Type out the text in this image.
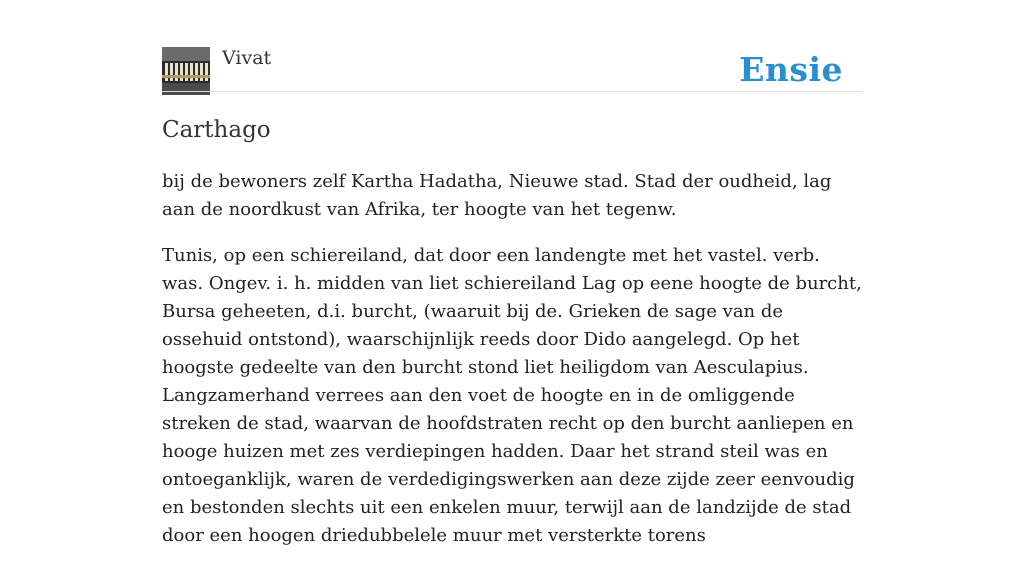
Vivat	Ensie
Carthago

bij de bewoners zelf Kartha Hadatha, Nieuwe stad. Stad der oudheid, lag aan de noordkust van Afrika, ter hoogte van het tegenw.

Tunis, op een schiereiland, dat door een landengte met het vastel. verb. was. Ongev. i. h. midden van liet schiereiland Lag op eene hoogte de burcht, Bursa geheeten, d.i. burcht, (waaruit bij de. Grieken de sage van de ossehuid ontstond), waarschijnlijk reeds door Dido aangelegd. Op het hoogste gedeelte van den burcht stond liet heiligdom van Aesculapius. Langzamerhand verrees aan den voet de hoogte en in de omliggende streken de stad, waarvan de hoofdstraten recht op den burcht aanliepen en hooge huizen met zes verdiepingen hadden. Daar het strand steil was en ontoeganklijk, waren de verdedigingswerken aan deze zijde zeer eenvoudig en bestonden slechts uit een enkelen muur, terwijl aan de landzijde de stad door een hoogen driedubbelele muur met versterkte torens
